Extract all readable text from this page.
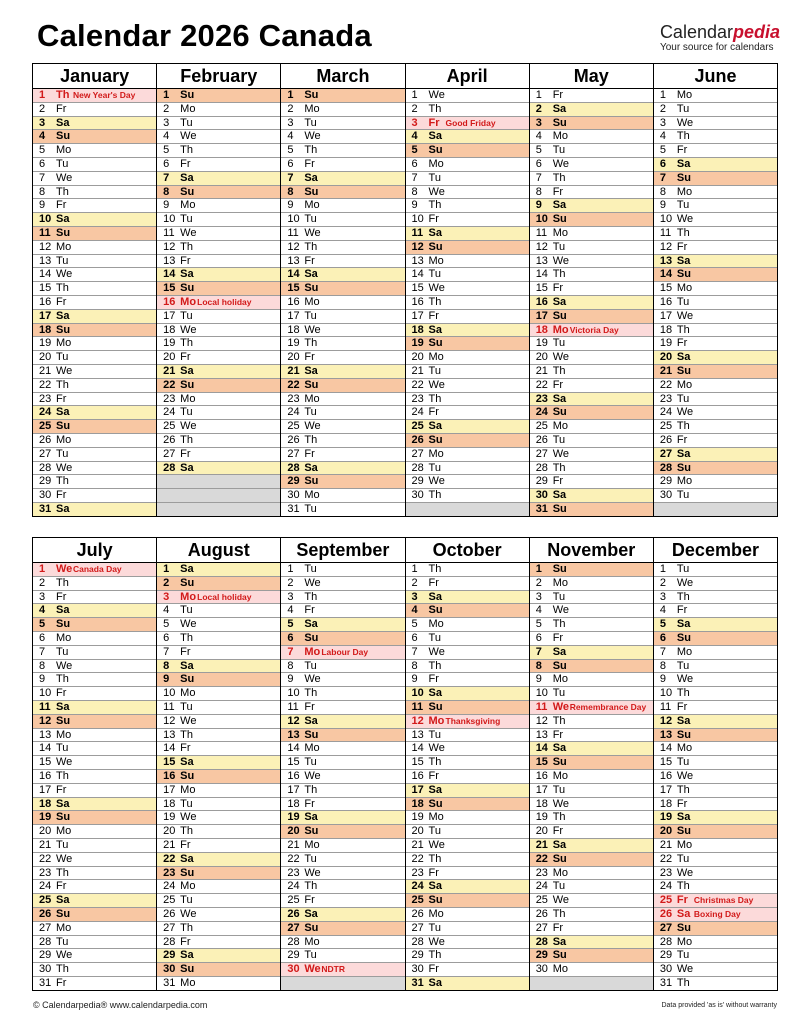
Calendar 2026 Canada	Calendarpedia
Your source for calendars
January
1 Th New Year's Day
2 Fr
3 Sa
4 Su
5 Mo
6 Tu
7 We
8 Th
9 Fr
10 Sa
11 Su
12 Mo
13 Tu
14 We
15 Th
16 Fr
17 Sa
18 Su
19 Mo
20 Tu
21 We
22 Th
23 Fr
24 Sa
25 Su
26 Mo
27 Tu
28 We
29 Th
30 Fr
31 Sa
February
1 Su
2 Mo
3 Tu
4 We
5 Th
6 Fr
7 Sa
8 Su
9 Mo
10 Tu
11 We
12 Th
13 Fr
14 Sa
15 Su
16 Mo Local holiday
17 Tu
18 We
19 Th
20 Fr
21 Sa
22 Su
23 Mo
24 Tu
25 We
26 Th
27 Fr
28 Sa
March
1 Su
2 Mo
3 Tu
4 We
5 Th
6 Fr
7 Sa
8 Su
9 Mo
10 Tu
11 We
12 Th
13 Fr
14 Sa
15 Su
16 Mo
17 Tu
18 We
19 Th
20 Fr
21 Sa
22 Su
23 Mo
24 Tu
25 We
26 Th
27 Fr
28 Sa
29 Su
30 Mo
31 Tu
April
1 We
2 Th
3 Fr Good Friday
4 Sa
5 Su
6 Mo
7 Tu
8 We
9 Th
10 Fr
11 Sa
12 Su
13 Mo
14 Tu
15 We
16 Th
17 Fr
18 Sa
19 Su
20 Mo
21 Tu
22 We
23 Th
24 Fr
25 Sa
26 Su
27 Mo
28 Tu
29 We
30 Th
May
1 Fr
2 Sa
3 Su
4 Mo
5 Tu
6 We
7 Th
8 Fr
9 Sa
10 Su
11 Mo
12 Tu
13 We
14 Th
15 Fr
16 Sa
17 Su
18 Mo Victoria Day
19 Tu
20 We
21 Th
22 Fr
23 Sa
24 Su
25 Mo
26 Tu
27 We
28 Th
29 Fr
30 Sa
31 Su
June
1 Mo
2 Tu
3 We
4 Th
5 Fr
6 Sa
7 Su
8 Mo
9 Tu
10 We
11 Th
12 Fr
13 Sa
14 Su
15 Mo
16 Tu
17 We
18 Th
19 Fr
20 Sa
21 Su
22 Mo
23 Tu
24 We
25 Th
26 Fr
27 Sa
28 Su
29 Mo
30 Tu
July
1 We Canada Day
2 Th
3 Fr
4 Sa
5 Su
6 Mo
7 Tu
8 We
9 Th
10 Fr
11 Sa
12 Su
13 Mo
14 Tu
15 We
16 Th
17 Fr
18 Sa
19 Su
20 Mo
21 Tu
22 We
23 Th
24 Fr
25 Sa
26 Su
27 Mo
28 Tu
29 We
30 Th
31 Fr
August
1 Sa
2 Su
3 Mo Local holiday
4 Tu
5 We
6 Th
7 Fr
8 Sa
9 Su
10 Mo
11 Tu
12 We
13 Th
14 Fr
15 Sa
16 Su
17 Mo
18 Tu
19 We
20 Th
21 Fr
22 Sa
23 Su
24 Mo
25 Tu
26 We
27 Th
28 Fr
29 Sa
30 Su
31 Mo
September
1 Tu
2 We
3 Th
4 Fr
5 Sa
6 Su
7 Mo Labour Day
8 Tu
9 We
10 Th
11 Fr
12 Sa
13 Su
14 Mo
15 Tu
16 We
17 Th
18 Fr
19 Sa
20 Su
21 Mo
22 Tu
23 We
24 Th
25 Fr
26 Sa
27 Su
28 Mo
29 Tu
30 We NDTR
October
1 Th
2 Fr
3 Sa
4 Su
5 Mo
6 Tu
7 We
8 Th
9 Fr
10 Sa
11 Su
12 Mo Thanksgiving
13 Tu
14 We
15 Th
16 Fr
17 Sa
18 Su
19 Mo
20 Tu
21 We
22 Th
23 Fr
24 Sa
25 Su
26 Mo
27 Tu
28 We
29 Th
30 Fr
31 Sa
November
1 Su
2 Mo
3 Tu
4 We
5 Th
6 Fr
7 Sa
8 Su
9 Mo
10 Tu
11 We Remembrance Day
12 Th
13 Fr
14 Sa
15 Su
16 Mo
17 Tu
18 We
19 Th
20 Fr
21 Sa
22 Su
23 Mo
24 Tu
25 We
26 Th
27 Fr
28 Sa
29 Su
30 Mo
December
1 Tu
2 We
3 Th
4 Fr
5 Sa
6 Su
7 Mo
8 Tu
9 We
10 Th
11 Fr
12 Sa
13 Su
14 Mo
15 Tu
16 We
17 Th
18 Fr
19 Sa
20 Su
21 Mo
22 Tu
23 We
24 Th
25 Fr Christmas Day
26 Sa Boxing Day
27 Su
28 Mo
29 Tu
30 We
31 Th
© Calendarpedia® www.calendarpedia.com	Data provided 'as is' without warranty
